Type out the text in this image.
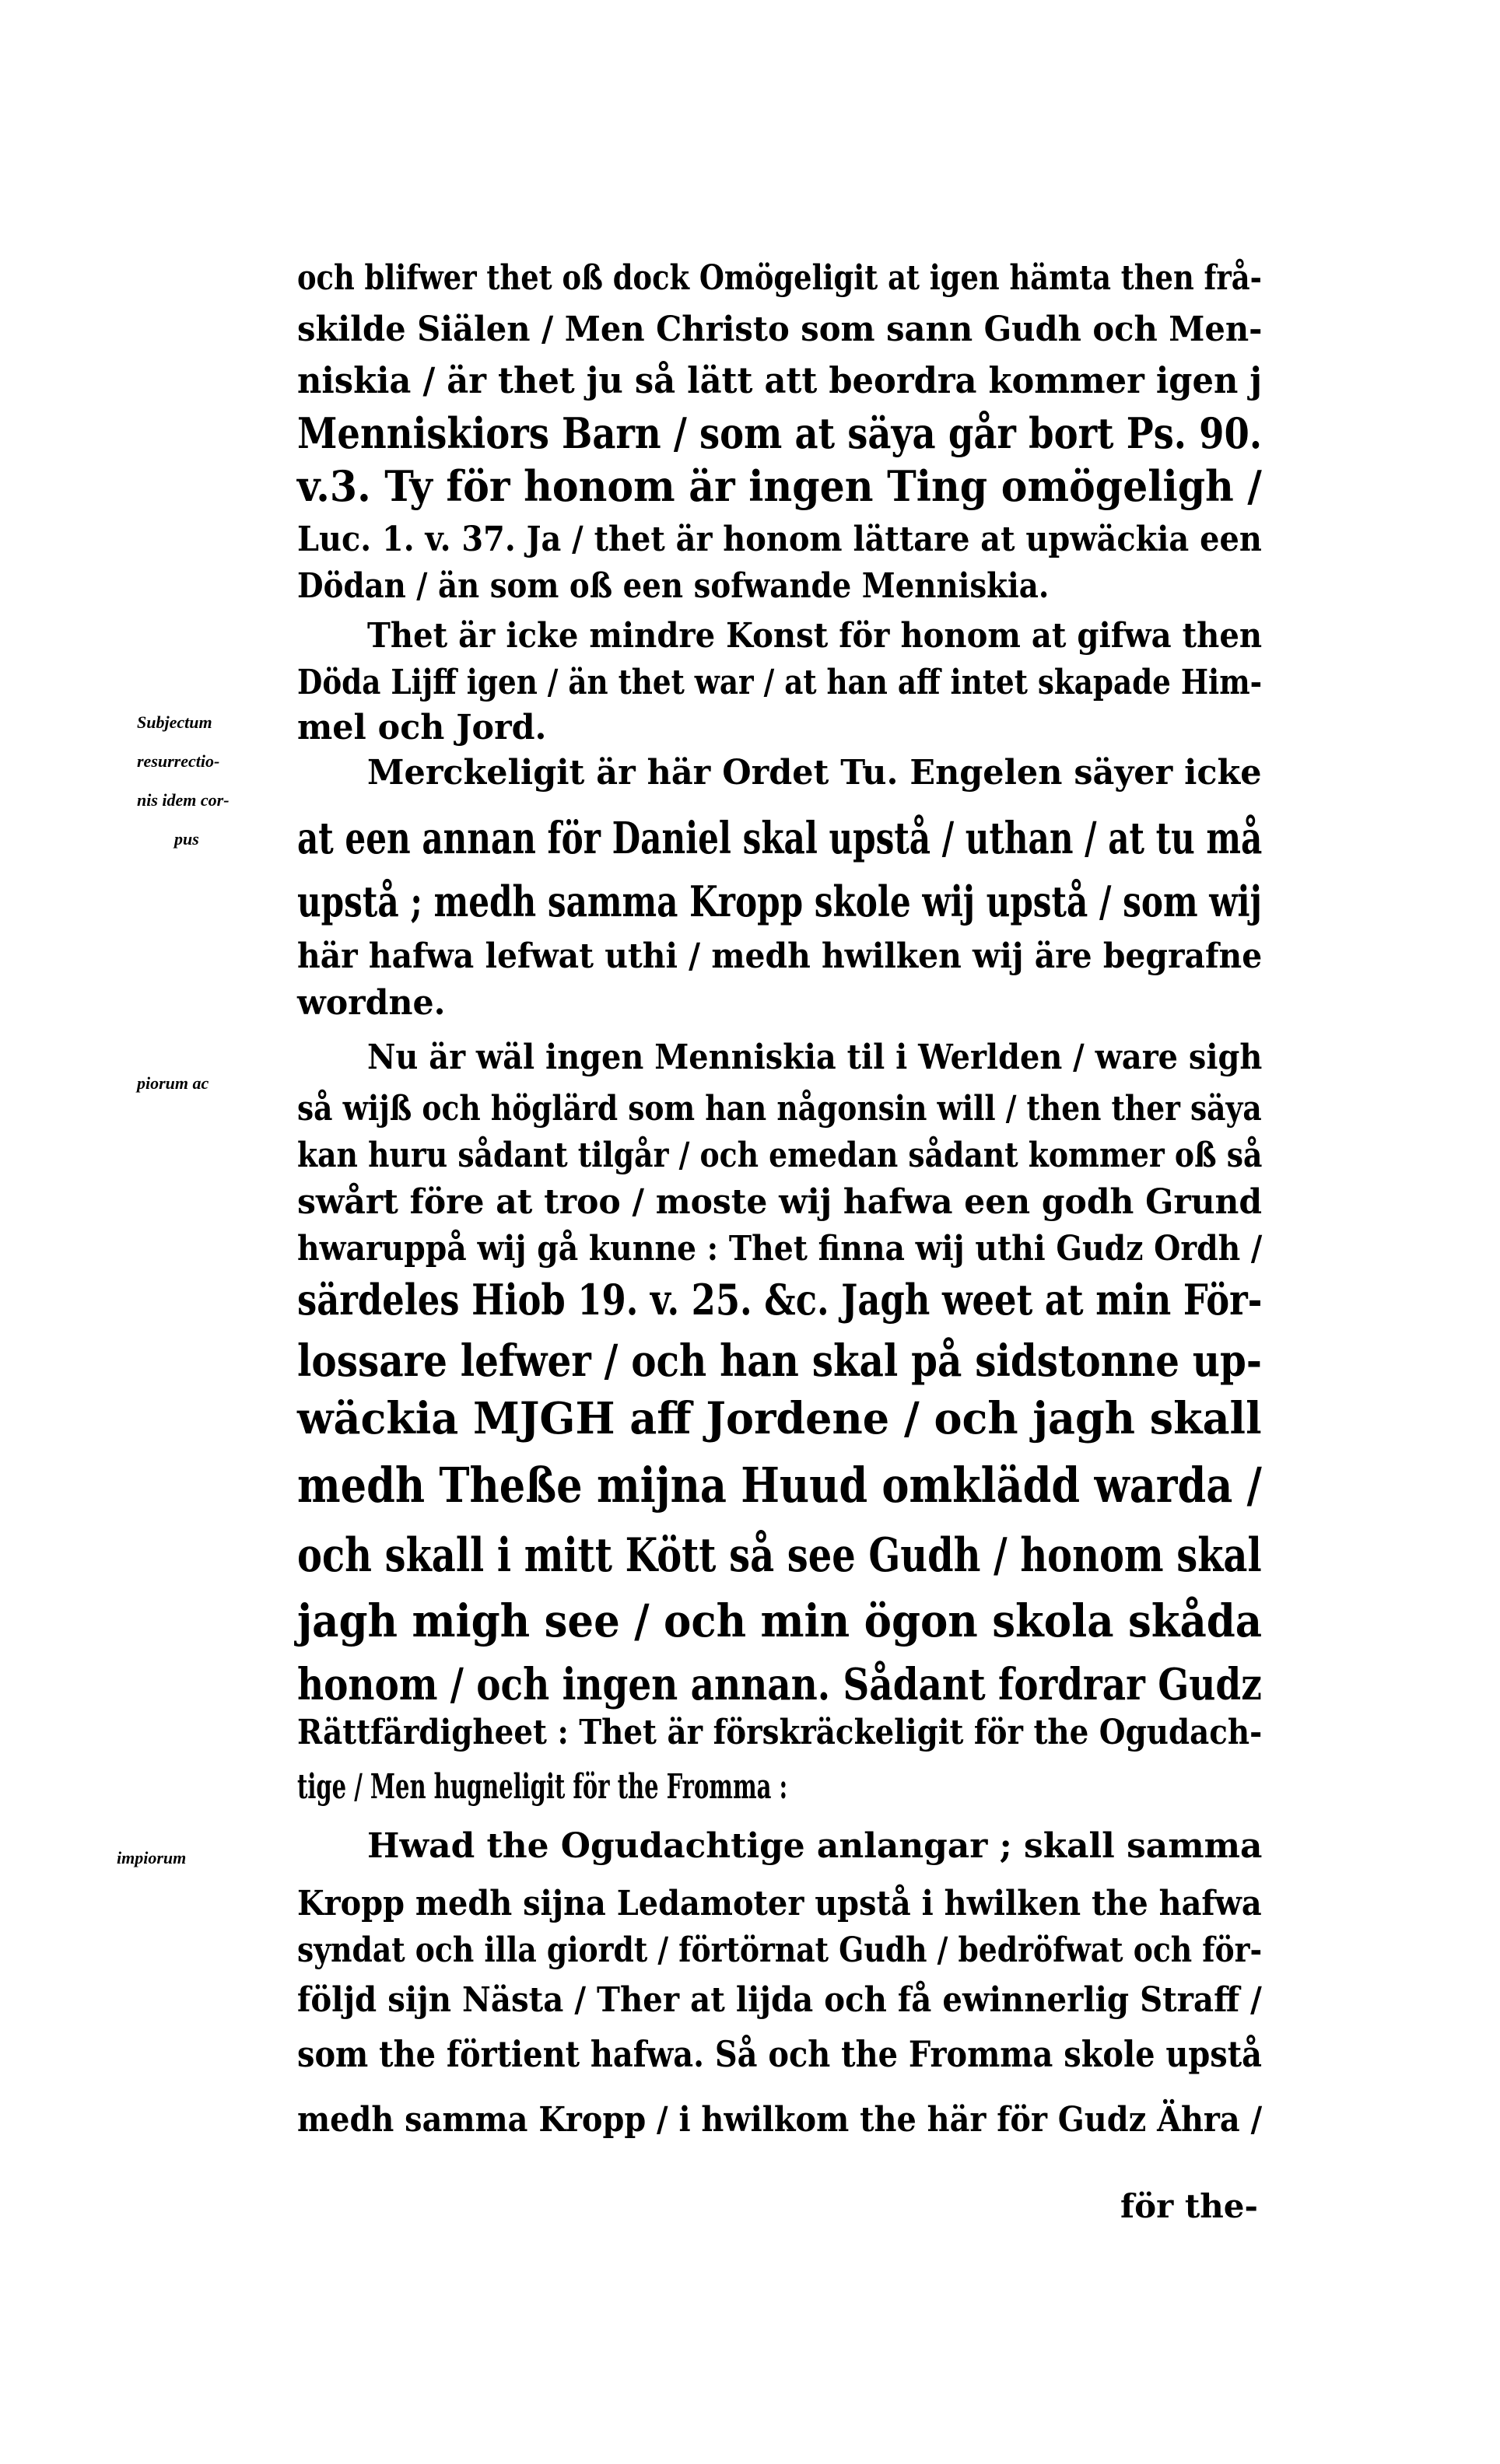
och blifwer thet oß dock Omögeligit at igen hämta then frå-
skilde Siälen / Men Christo som sann Gudh och Men-
niskia / är thet ju så lätt att beordra kommer igen j
Menniskiors Barn / som at säya går bort Ps. 90.
v.3. Ty för honom är ingen Ting omögeligh /
Luc. 1. v. 37. Ja / thet är honom lättare at upwäckia een
Dödan / än som oß een sofwande Menniskia.
Thet är icke mindre Konst för honom at gifwa then
Döda Lijff igen / än thet war / at han aff intet skapade Him-
mel och Jord.
Merckeligit är här Ordet Tu. Engelen säyer icke
at een annan för Daniel skal upstå / uthan / at tu må
upstå ; medh samma Kropp skole wij upstå / som wij
här hafwa lefwat uthi / medh hwilken wij äre begrafne
wordne.
Nu är wäl ingen Menniskia til i Werlden / ware sigh
så wijß och höglärd som han någonsin will / then ther säya
kan huru sådant tilgår / och emedan sådant kommer oß så
swårt före at troo / moste wij hafwa een godh Grund
hwaruppå wij gå kunne : Thet finna wij uthi Gudz Ordh /
särdeles Hiob 19. v. 25. &c. Jagh weet at min För-
lossare lefwer / och han skal på sidstonne up-
wäckia MJGH aff Jordene / och jagh skall
medh Theße mijna Huud omklädd warda /
och skall i mitt Kött så see Gudh / honom skal
jagh migh see / och min ögon skola skåda
honom / och ingen annan. Sådant fordrar Gudz
Rättfärdigheet : Thet är förskräckeligit för the Ogudach-
tige / Men hugneligit för the Fromma :
Hwad the Ogudachtige anlangar ; skall samma
Kropp medh sijna Ledamoter upstå i hwilken the hafwa
syndat och illa giordt / förtörnat Gudh / bedröfwat och för-
följd sijn Nästa / Ther at lijda och få ewinnerlig Straff /
som the förtient hafwa. Så och the Fromma skole upstå
medh samma Kropp / i hwilkom the här för Gudz Ähra /
Subjectum
resurrectio-
nis idem cor-
pus
piorum ac
impiorum
för the-
